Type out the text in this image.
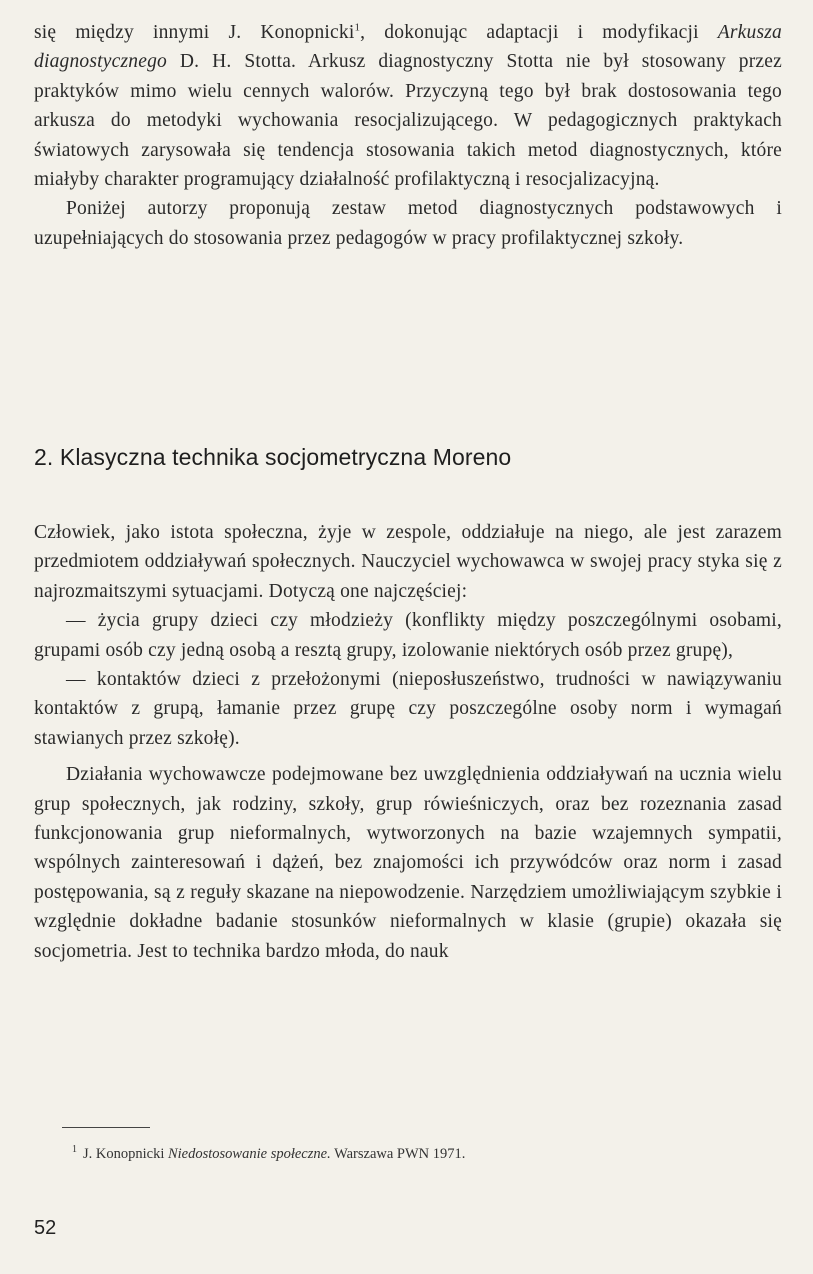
się między innymi J. Konopnicki$^1$, dokonując adaptacji i modyfikacji Arkusza diagnostycznego D. H. Stotta. Arkusz diagnostyczny Stotta nie był stosowany przez praktyków mimo wielu cennych walorów. Przyczyną tego był brak dostosowania tego arkusza do metodyki wychowania resocjalizującego. W pedagogicznych praktykach światowych zarysowała się tendencja stosowania takich metod diagnostycznych, które miałyby charakter programujący działalność profilaktyczną i resocjalizacyjną.

Poniżej autorzy proponują zestaw metod diagnostycznych podstawowych i uzupełniających do stosowania przez pedagogów w pracy profilaktycznej szkoły.

2. Klasyczna technika socjometryczna Moreno

Człowiek, jako istota społeczna, żyje w zespole, oddziałuje na niego, ale jest zarazem przedmiotem oddziaływań społecznych. Nauczyciel wychowawca w swojej pracy styka się z najrozmaitszymi sytuacjami. Dotyczą one najczęściej:

— życia grupy dzieci czy młodzieży (konflikty między poszczególnymi osobami, grupami osób czy jedną osobą a resztą grupy, izolowanie niektórych osób przez grupę),

— kontaktów dzieci z przełożonymi (nieposłuszeństwo, trudności w nawiązywaniu kontaktów z grupą, łamanie przez grupę czy poszczególne osoby norm i wymagań stawianych przez szkołę).

Działania wychowawcze podejmowane bez uwzględnienia oddziaływań na ucznia wielu grup społecznych, jak rodziny, szkoły, grup rówieśniczych, oraz bez rozeznania zasad funkcjonowania grup nieformalnych, wytworzonych na bazie wzajemnych sympatii, wspólnych zainteresowań i dążeń, bez znajomości ich przywódców oraz norm i zasad postępowania, są z reguły skazane na niepowodzenie. Narzędziem umożliwiającym szybkie i względnie dokładne badanie stosunków nieformalnych w klasie (grupie) okazała się socjometria. Jest to technika bardzo młoda, do nauk

$^1$ J. Konopnicki Niedostosowanie społeczne. Warszawa PWN 1971.
52
